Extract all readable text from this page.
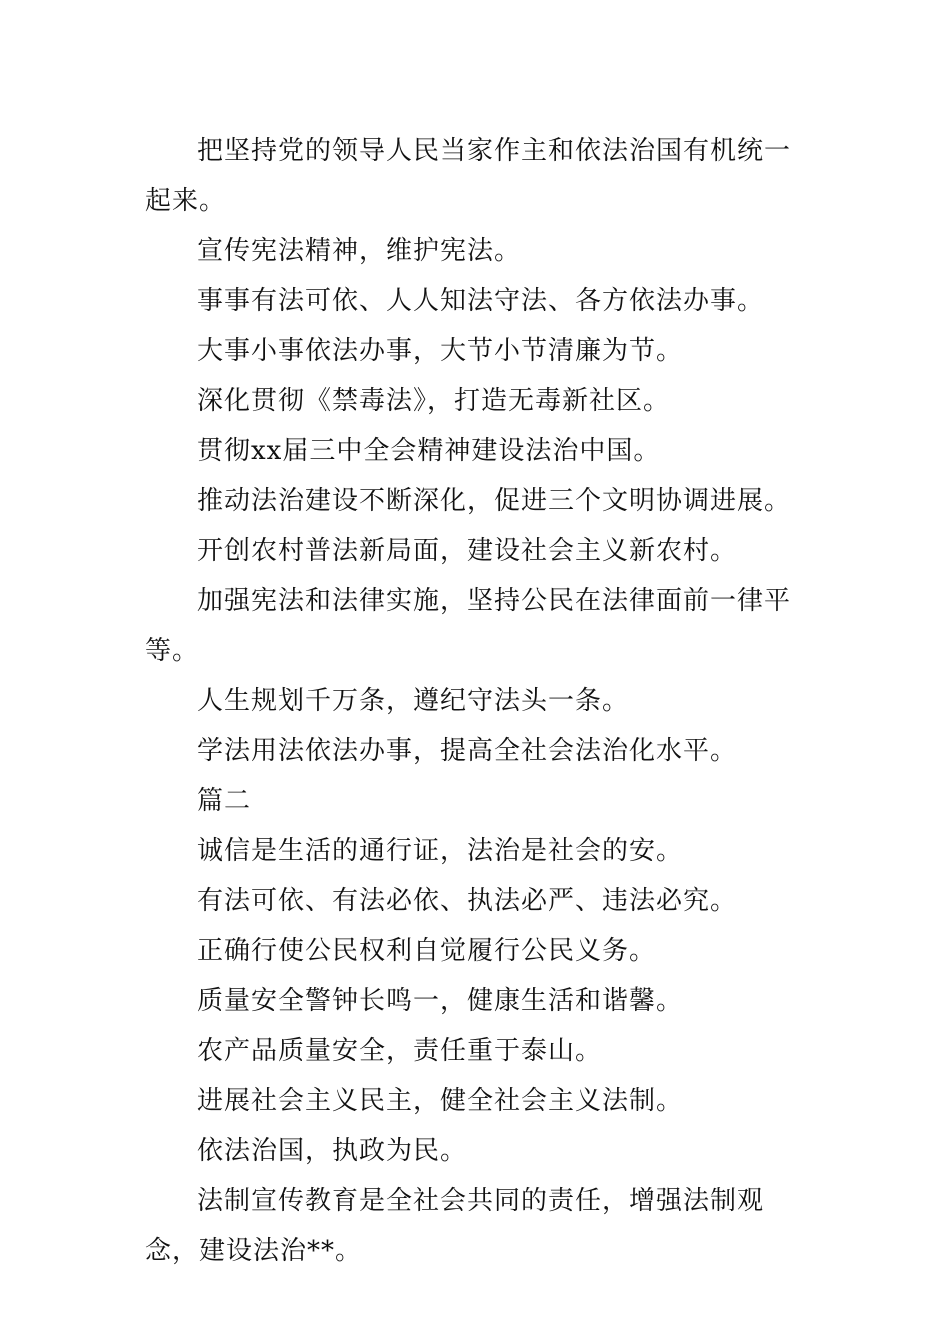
把坚持党的领导人民当家作主和依法治国有机统一起来。

宣传宪法精神，维护宪法。

事事有法可依、人人知法守法、各方依法办事。

大事小事依法办事，大节小节清廉为节。

深化贯彻《禁毒法》，打造无毒新社区。

贯彻xx届三中全会精神建设法治中国。

推动法治建设不断深化，促进三个文明协调进展。

开创农村普法新局面，建设社会主义新农村。

加强宪法和法律实施，坚持公民在法律面前一律平等。

人生规划千万条，遵纪守法头一条。

学法用法依法办事，提高全社会法治化水平。

篇二

诚信是生活的通行证，法治是社会的安。

有法可依、有法必依、执法必严、违法必究。

正确行使公民权利自觉履行公民义务。

质量安全警钟长鸣一，健康生活和谐馨。

农产品质量安全，责任重于泰山。

进展社会主义民主，健全社会主义法制。

依法治国，执政为民。

法制宣传教育是全社会共同的责任，增强法制观念，建设法治**。
